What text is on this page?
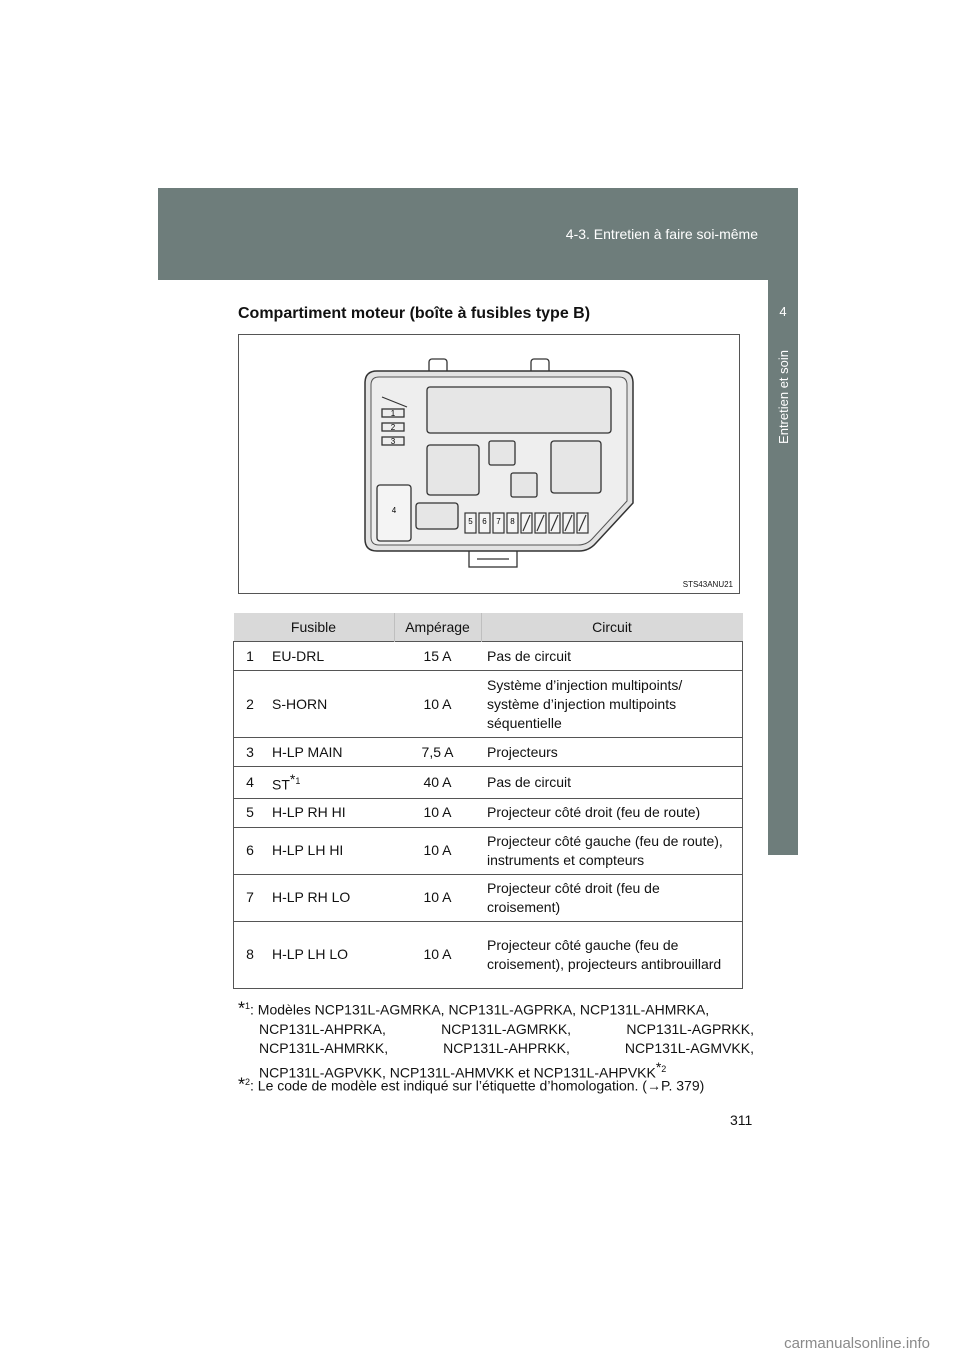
4-3. Entretien à faire soi-même
4
Entretien et soin
Compartiment moteur (boîte à fusibles type B)
4
1
2
3
5 6 7 8
STS43ANU21
Fusible		Ampérage	Circuit
1	EU-DRL	15 A	Pas de circuit
2	S-HORN	10 A	Système d’injection multipoints/ système d’injection multipoints séquentielle
3	H-LP MAIN	7,5 A	Projecteurs
4	ST$^{*1}$	40 A	Pas de circuit
5	H-LP RH HI	10 A	Projecteur côté droit (feu de route)
6	H-LP LH HI	10 A	Projecteur côté gauche (feu de route), instruments et compteurs
7	H-LP RH LO	10 A	Projecteur côté droit (feu de croisement)
8	H-LP LH LO	10 A	Projecteur côté gauche (feu de croisement), projecteurs antibrouillard
*$^1$: Modèles NCP131L-AGMRKA, NCP131L-AGPRKA, NCP131L-AHMRKA,
NCP131L-AHPRKA, NCP131L-AGMRKK, NCP131L-AGPRKK,
NCP131L-AHMRKK, NCP131L-AHPRKK, NCP131L-AGMVKK,
NCP131L-AGPVKK, NCP131L-AHMVKK et NCP131L-AHPVKK$^{*2}$
*$^2$: Le code de modèle est indiqué sur l’étiquette d’homologation. (→P. 379)
311
carmanualsonline.info
